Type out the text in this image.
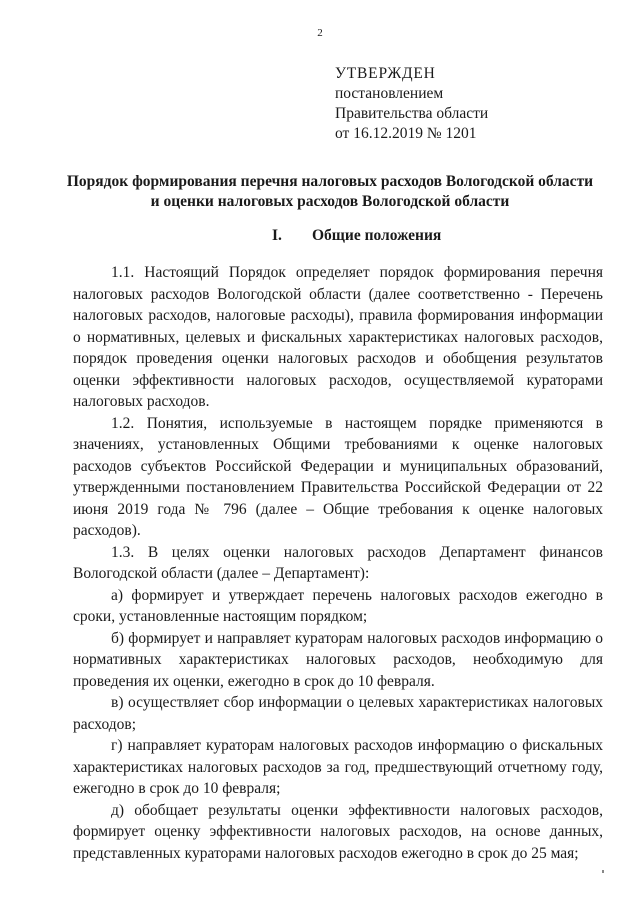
2
УТВЕРЖДЕН
постановлением
Правительства области
от 16.12.2019 № 1201
Порядок формирования перечня налоговых расходов Вологодской области
и оценки налоговых расходов Вологодской области
I. Общие положения

1.1. Настоящий Порядок определяет порядок формирования перечня налоговых расходов Вологодской области (далее соответственно - Перечень налоговых расходов, налоговые расходы), правила формирования информации о нормативных, целевых и фискальных характеристиках налоговых расходов, порядок проведения оценки налоговых расходов и обобщения результатов оценки эффективности налоговых расходов, осуществляемой кураторами налоговых расходов.

1.2. Понятия, используемые в настоящем порядке применяются в значениях, установленных Общими требованиями к оценке налоговых расходов субъектов Российской Федерации и муниципальных образований, утвержденными постановлением Правительства Российской Федерации от 22 июня 2019 года № 796 (далее – Общие требования к оценке налоговых расходов).

1.3. В целях оценки налоговых расходов Департамент финансов Вологодской области (далее – Департамент):

а) формирует и утверждает перечень налоговых расходов ежегодно в сроки, установленные настоящим порядком;

б) формирует и направляет кураторам налоговых расходов информацию о нормативных характеристиках налоговых расходов, необходимую для проведения их оценки, ежегодно в срок до 10 февраля.

в) осуществляет сбор информации о целевых характеристиках налоговых расходов;

г) направляет кураторам налоговых расходов информацию о фискальных характеристиках налоговых расходов за год, предшествующий отчетному году, ежегодно в срок до 10 февраля;

д) обобщает результаты оценки эффективности налоговых расходов, формирует оценку эффективности налоговых расходов, на основе данных, представленных кураторами налоговых расходов ежегодно в срок до 25 мая;
